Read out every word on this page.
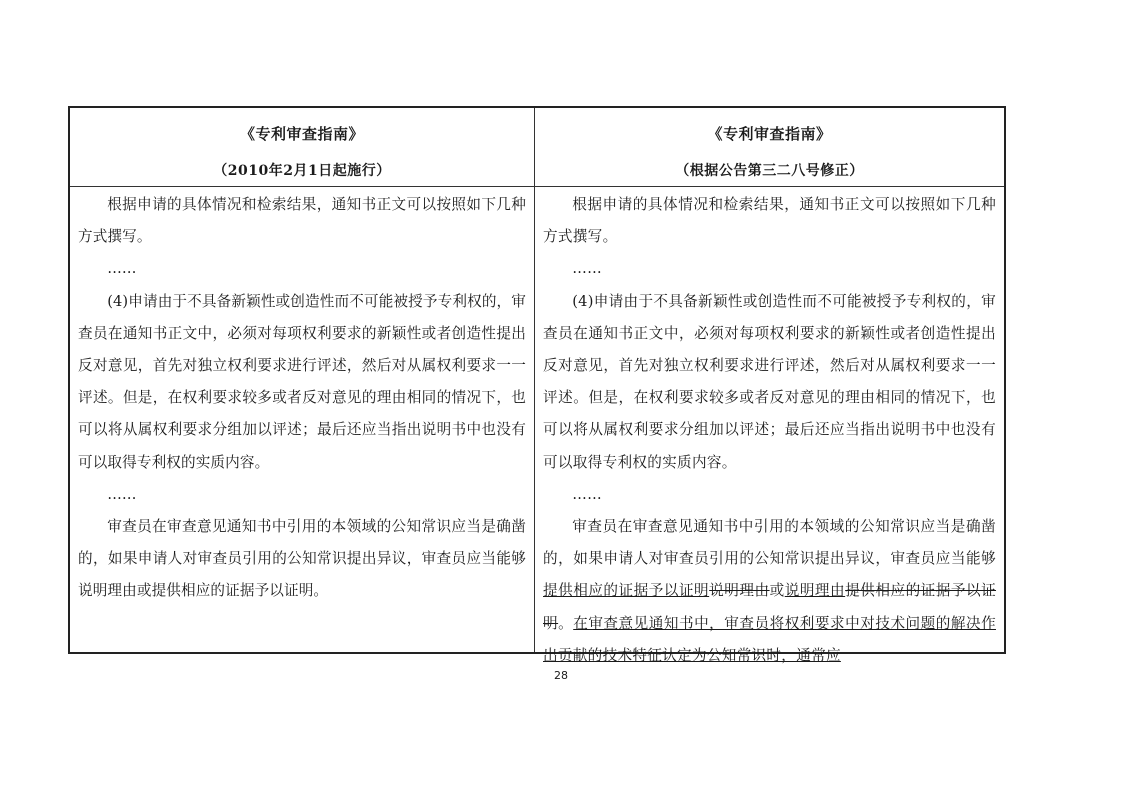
《专利审查指南》
（2010年2月1日起施行）

根据申请的具体情况和检索结果，通知书正文可以按照如下几种方式撰写。

……

(4)申请由于不具备新颖性或创造性而不可能被授予专利权的，审查员在通知书正文中，必须对每项权利要求的新颖性或者创造性提出反对意见，首先对独立权利要求进行评述，然后对从属权利要求一一评述。但是，在权利要求较多或者反对意见的理由相同的情况下，也可以将从属权利要求分组加以评述；最后还应当指出说明书中也没有可以取得专利权的实质内容。

……

审查员在审查意见通知书中引用的本领域的公知常识应当是确凿的，如果申请人对审查员引用的公知常识提出异议，审查员应当能够说明理由或提供相应的证据予以证明。

《专利审查指南》
（根据公告第三二八号修正）

根据申请的具体情况和检索结果，通知书正文可以按照如下几种方式撰写。

……

(4)申请由于不具备新颖性或创造性而不可能被授予专利权的，审查员在通知书正文中，必须对每项权利要求的新颖性或者创造性提出反对意见，首先对独立权利要求进行评述，然后对从属权利要求一一评述。但是，在权利要求较多或者反对意见的理由相同的情况下，也可以将从属权利要求分组加以评述；最后还应当指出说明书中也没有可以取得专利权的实质内容。

……

审查员在审查意见通知书中引用的本领域的公知常识应当是确凿的，如果申请人对审查员引用的公知常识提出异议，审查员应当能够提供相应的证据予以证明说明理由或说明理由提供相应的证据予以证明。在审查意见通知书中，审查员将权利要求中对技术问题的解决作出贡献的技术特征认定为公知常识时，通常应

28
